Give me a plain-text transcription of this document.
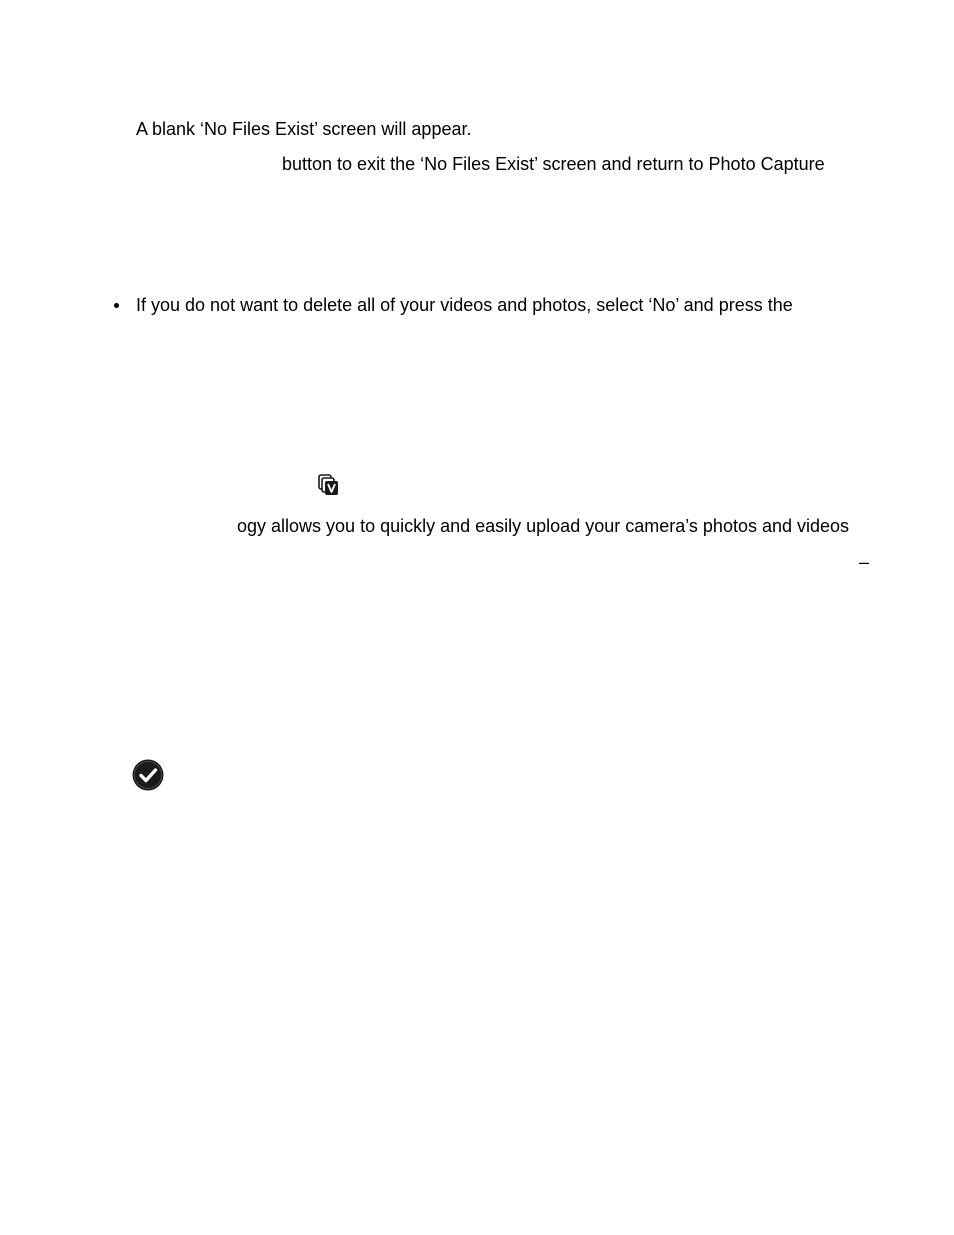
A blank ‘No Files Exist’ screen will appear.
button to exit the ‘No Files Exist’ screen and return to Photo Capture
If you do not want to delete all of your videos and photos, select ‘No’ and press the
ogy allows you to quickly and easily upload your camera’s photos and videos
–
